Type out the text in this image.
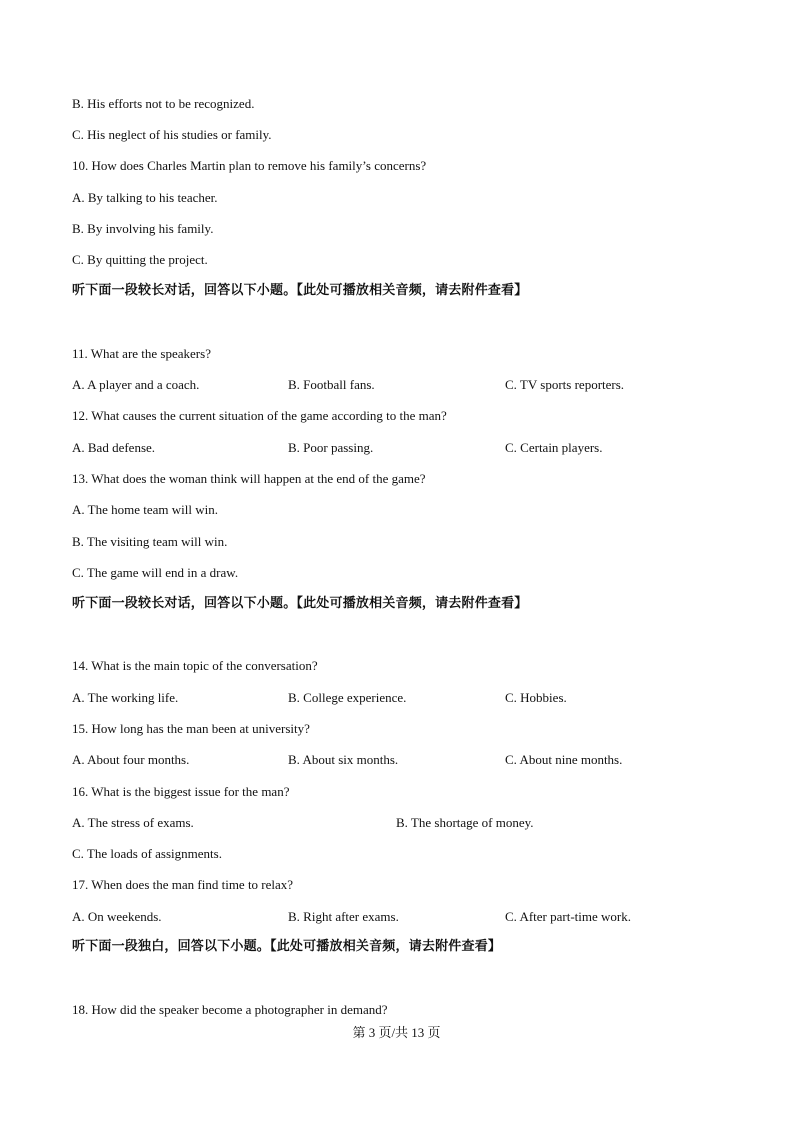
B. His efforts not to be recognized.
C. His neglect of his studies or family.
10. How does Charles Martin plan to remove his family’s concerns?
A. By talking to his teacher.
B. By involving his family.
C. By quitting the project.
听下面一段较长对话，回答以下小题。【此处可播放相关音频，请去附件查看】
11. What are the speakers?
A. A player and a coach.	B. Football fans.	C. TV sports reporters.
12. What causes the current situation of the game according to the man?
A. Bad defense.	B. Poor passing.	C. Certain players.
13. What does the woman think will happen at the end of the game?
A. The home team will win.
B. The visiting team will win.
C. The game will end in a draw.
听下面一段较长对话，回答以下小题。【此处可播放相关音频，请去附件查看】
14. What is the main topic of the conversation?
A. The working life.	B. College experience.	C. Hobbies.
15. How long has the man been at university?
A. About four months.	B. About six months.	C. About nine months.
16. What is the biggest issue for the man?
A. The stress of exams.	B. The shortage of money.
C. The loads of assignments.
17. When does the man find time to relax?
A. On weekends.	B. Right after exams.	C. After part-time work.
听下面一段独白，回答以下小题。【此处可播放相关音频，请去附件查看】
18. How did the speaker become a photographer in demand?
第 3 页/共 13 页
